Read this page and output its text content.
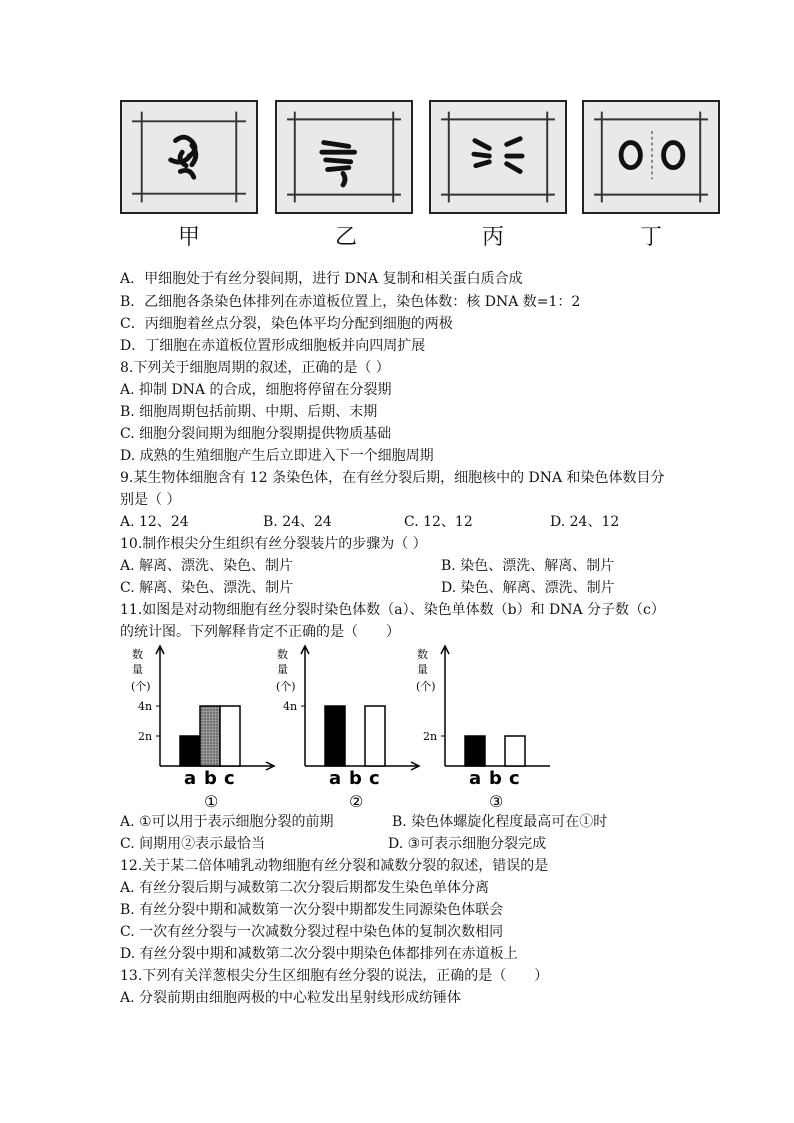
甲	乙	丙	丁
A．甲细胞处于有丝分裂间期，进行 DNA 复制和相关蛋白质合成
B．乙细胞各条染色体排列在赤道板位置上，染色体数：核 DNA 数=1：2
C．丙细胞着丝点分裂，染色体平均分配到细胞的两极
D．丁细胞在赤道板位置形成细胞板并向四周扩展
8.下列关于细胞周期的叙述，正确的是（ ）
A. 抑制 DNA 的合成，细胞将停留在分裂期
B. 细胞周期包括前期、中期、后期、末期
C. 细胞分裂间期为细胞分裂期提供物质基础
D. 成熟的生殖细胞产生后立即进入下一个细胞周期
9.某生物体细胞含有 12 条染色体，在有丝分裂后期，细胞核中的 DNA 和染色体数目分
别是（ ）
A. 12、24	B. 24、24	C. 12、12	D. 24、12
10.制作根尖分生组织有丝分裂装片的步骤为（ ）
A. 解离、漂洗、染色、制片	B. 染色、漂洗、解离、制片
C. 解离、染色、漂洗、制片	D. 染色、解离、漂洗、制片
11.如图是对动物细胞有丝分裂时染色体数（a）、染色单体数（b）和 DNA 分子数（c）
的统计图。下列解释肯定不正确的是（　　）
数
量
(个)
2n
4n
a b c
①
数
量
(个)
4n
a b c
②
数
量
(个)
2n
a b c
③
A. ①可以用于表示细胞分裂的前期	B. 染色体螺旋化程度最高可在①时
C. 间期用②表示最恰当	D. ③可表示细胞分裂完成
12.关于某二倍体哺乳动物细胞有丝分裂和减数分裂的叙述，错误的是
A. 有丝分裂后期与减数第二次分裂后期都发生染色单体分离
B. 有丝分裂中期和减数第一次分裂中期都发生同源染色体联会
C. 一次有丝分裂与一次减数分裂过程中染色体的复制次数相同
D. 有丝分裂中期和减数第二次分裂中期染色体都排列在赤道板上
13.下列有关洋葱根尖分生区细胞有丝分裂的说法，正确的是（　　）
A. 分裂前期由细胞两极的中心粒发出星射线形成纺锤体
